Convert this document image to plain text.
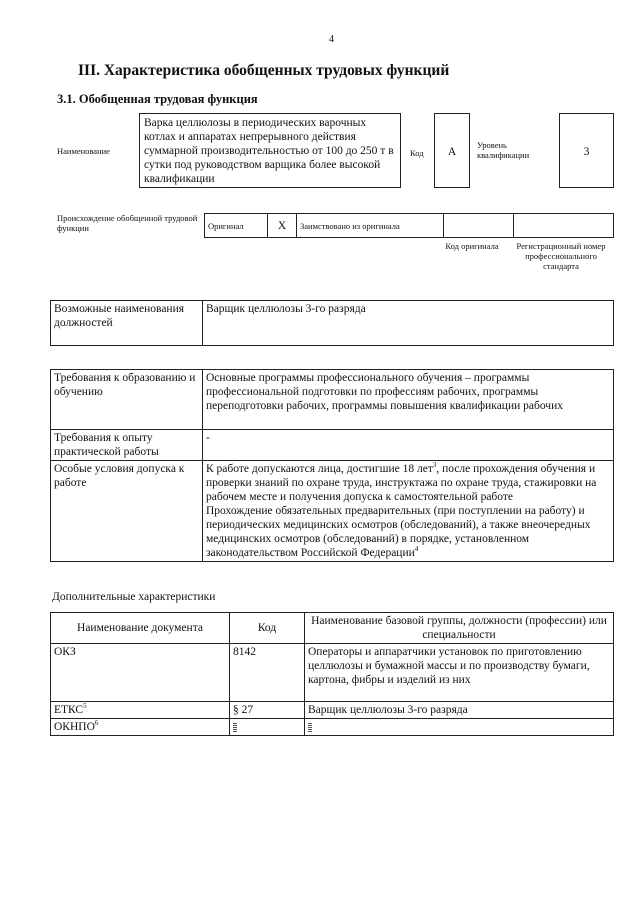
4
III. Характеристика обобщенных трудовых функций
3.1. Обобщенная трудовая функция
Наименование
Варка целлюлозы в периодических варочных котлах и аппаратах непрерывного действия суммарной производительностью от 100 до 250 т в сутки под руководством варщика более высокой квалификации
Код	А
Уровень квалификации	3
Происхождение обобщенной трудовой функции	Оригинал	X	Заимствовано из оригинала		
Код оригинала	Регистрационный номер профессионального стандарта
Возможные наименования должностей	Варщик целлюлозы 3-го разряда
Требования к образованию и обучению	Основные программы профессионального обучения – программы профессиональной подготовки по профессиям рабочих, программы переподготовки рабочих, программы повышения квалификации рабочих
Требования к опыту практической работы	-
Особые условия допуска к работе	К работе допускаются лица, достигшие 18 лет$^3$, после прохождения обучения и проверки знаний по охране труда, инструктажа по охране труда, стажировки на рабочем месте и получения допуска к самостоятельной работе
Прохождение обязательных предварительных (при поступлении на работу) и периодических медицинских осмотров (обследований), а также внеочередных медицинских осмотров (обследований) в порядке, установленном законодательством Российской Федерации$^4$
Дополнительные характеристики
Наименование документа	Код	Наименование базовой группы, должности (профессии) или специальности
ОКЗ	8142	Операторы и аппаратчики установок по приготовлению целлюлозы и бумажной массы и по производству бумаги, картона, фибры и изделий из них
ЕТКС$^5$	§ 27	Варщик целлюлозы 3-го разряда
ОКНПО$^6$		
